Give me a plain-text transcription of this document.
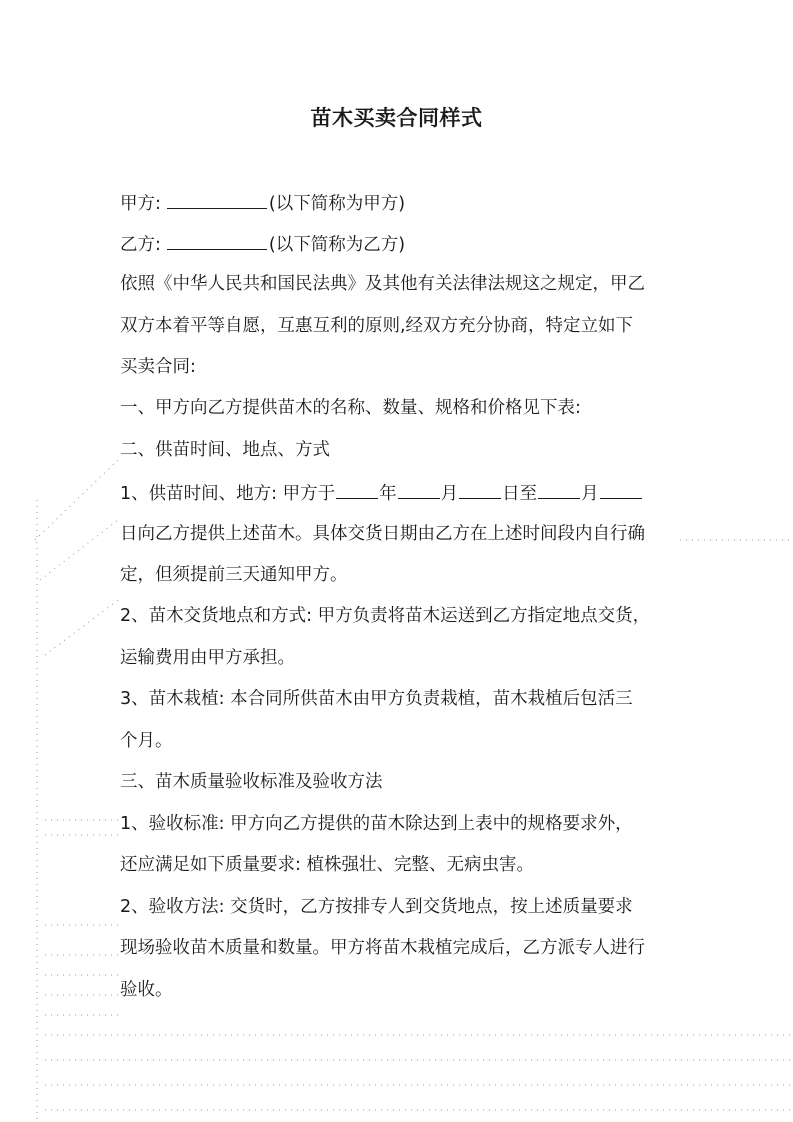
苗木买卖合同样式
甲方:	(以下简称为甲方)
乙方:	(以下简称为乙方)
依照《中华人民共和国民法典》及其他有关法律法规这之规定，甲乙
双方本着平等自愿，互惠互利的原则,经双方充分协商，特定立如下
买卖合同:
一、甲方向乙方提供苗木的名称、数量、规格和价格见下表:
二、供苗时间、地点、方式
1、供苗时间、地方: 甲方于	年	月	日至	月
日向乙方提供上述苗木。具体交货日期由乙方在上述时间段内自行确
定，但须提前三天通知甲方。
2、苗木交货地点和方式: 甲方负责将苗木运送到乙方指定地点交货，
运输费用由甲方承担。
3、苗木栽植: 本合同所供苗木由甲方负责栽植，苗木栽植后包活三
个月。
三、苗木质量验收标准及验收方法
1、验收标准: 甲方向乙方提供的苗木除达到上表中的规格要求外，
还应满足如下质量要求: 植株强壮、完整、无病虫害。
2、验收方法: 交货时，乙方按排专人到交货地点，按上述质量要求
现场验收苗木质量和数量。甲方将苗木栽植完成后，乙方派专人进行
验收。
